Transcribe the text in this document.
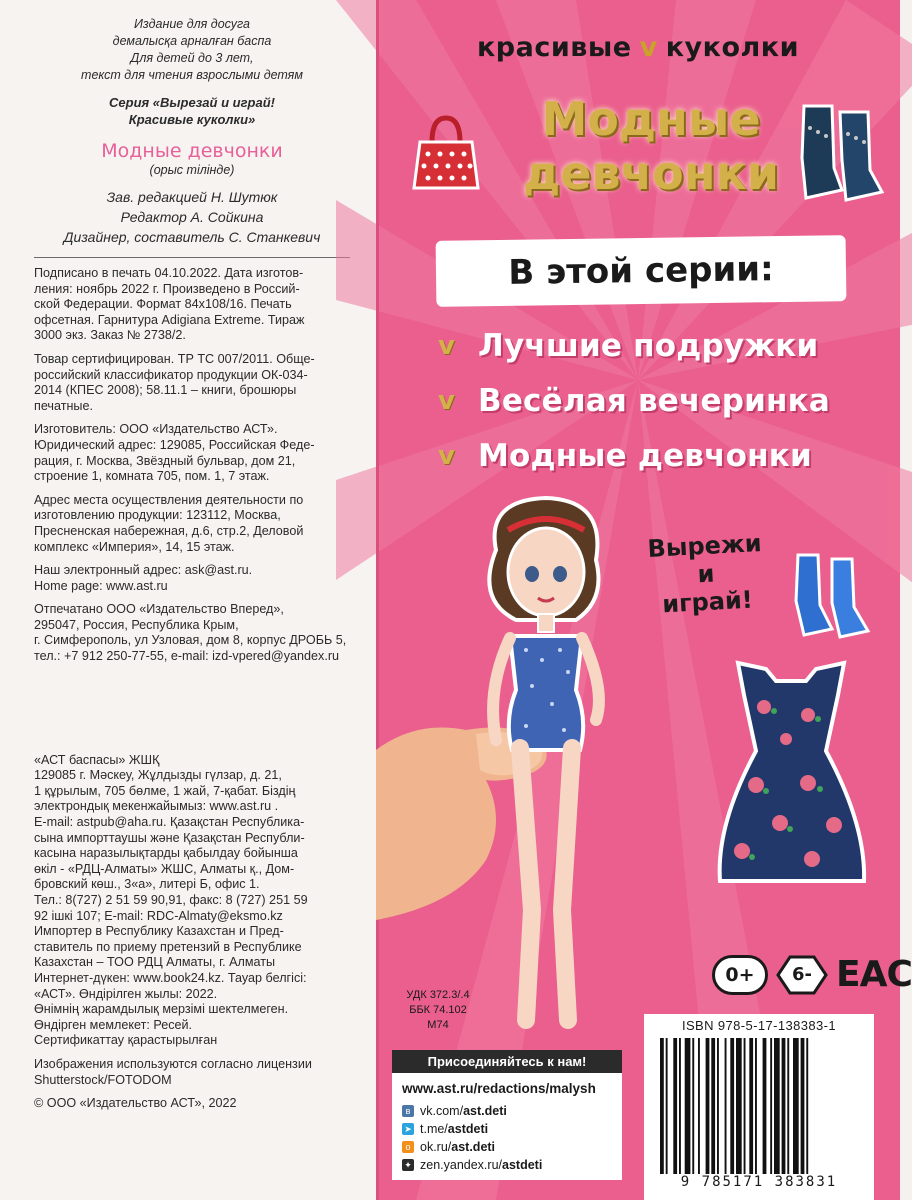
Издание для досуга
демалысқа арналған баспа
Для детей до 3 лет,
текст для чтения взрослыми детям
Серия «Вырезай и играй!
Красивые куколки»
Модные девчонки
(орыс тілінде)
Зав. редакцией Н. Шутюк
Редактор А. Сойкина
Дизайнер, составитель С. Станкевич
Подписано в печать 04.10.2022. Дата изготов-
ления: ноябрь 2022 г. Произведено в Россий-
ской Федерации. Формат 84х108/16. Печать
офсетная. Гарнитура Adigiana Extreme. Тираж
3000 экз. Заказ № 2738/2.
Товар сертифицирован. ТР ТС 007/2011. Обще-
российский классификатор продукции ОК-034-
2014 (КПЕС 2008); 58.11.1 – книги, брошюры
печатные.
Изготовитель: ООО «Издательство АСТ».
Юридический адрес: 129085, Российская Феде-
рация, г. Москва, Звёздный бульвар, дом 21,
строение 1, комната 705, пом. 1, 7 этаж.
Адрес места осуществления деятельности по
изготовлению продукции: 123112, Москва,
Пресненская набережная, д.6, стр.2, Деловой
комплекс «Империя», 14, 15 этаж.
Наш электронный адрес: ask@ast.ru.
Home page: www.ast.ru
Отпечатано ООО «Издательство Вперед»,
295047, Россия, Республика Крым,
г. Симферополь, ул Узловая, дом 8, корпус ДРОБЬ 5,
тел.: +7 912 250-77-55, e-mail: izd-vpered@yandex.ru
«АСТ баспасы» ЖШҚ
129085 г. Мәскеу, Жұлдызды гүлзар, д. 21,
1 құрылым, 705 бөлме, 1 жай, 7-қабат. Біздің
электрондық мекенжайымыз: www.ast.ru .
E-mail: astpub@aha.ru. Қазақстан Республика-
сына импорттаушы және Қазақстан Республи-
касына наразылықтарды қабылдау бойынша
өкіл - «РДЦ-Алматы» ЖШС, Алматы қ., Дом-
бровский көш., 3«а», литері Б, офис 1.
Тел.: 8(727) 2 51 59 90,91, факс: 8 (727) 251 59
92 ішкі 107; E-mail: RDC-Almaty@eksmo.kz
Импортер в Республику Казахстан и Пред-
ставитель по приему претензий в Республике
Казахстан – ТОО РДЦ Алматы, г. Алматы
Интернет-дүкен: www.book24.kz. Тауар белгісі:
«АСТ». Өндірілген жылы: 2022.
Өнімнің жарамдылық мерзімі шектелмеген.
Өндірген мемлекет: Ресей.
Сертификаттау қарастырылған
Изображения используются согласно лицензии
Shutterstock/FOTODOM
© ООО «Издательство АСТ», 2022
красивые v куколки
Модные
девчонки
В этой серии:
v Лучшие подружки
v Весёлая вечеринка
v Модные девчонки
Вырежи
и
играй!
0+	6- EAC
УДК 372.3/.4
ББК 74.102
М74
Присоединяйтесь к нам!
www.ast.ru/redactions/malysh
в vk.com/ ast.deti
➤ t.me/ astdeti
o ok.ru/ ast.deti
✦ zen.yandex.ru/ astdeti
ISBN 978-5-17-138383-1
9 785171 383831
